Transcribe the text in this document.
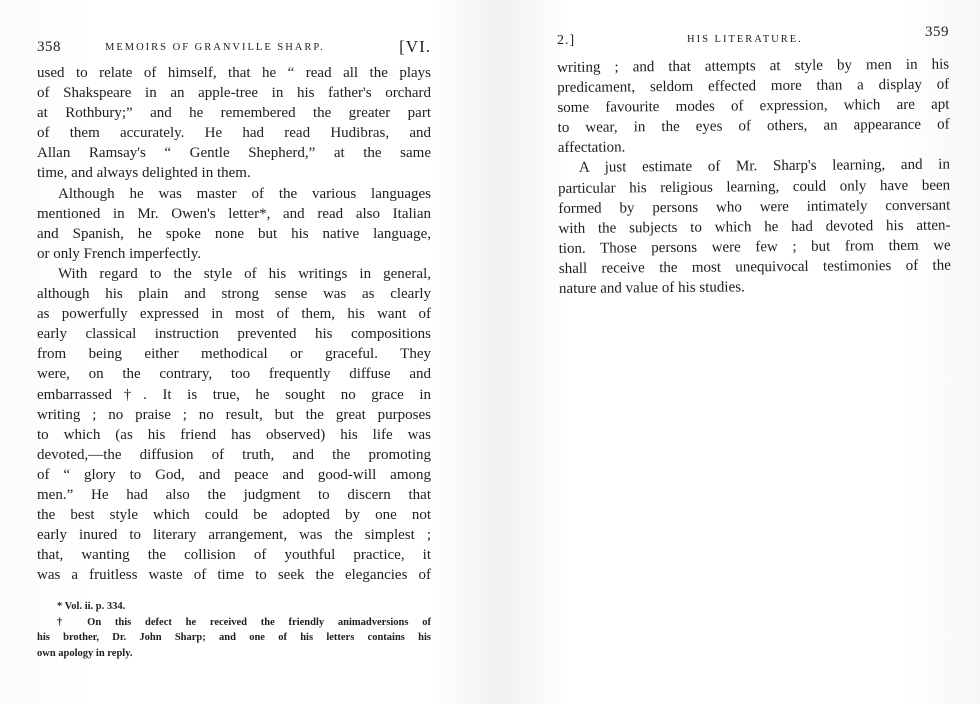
358	MEMOIRS OF GRANVILLE SHARP.	[VI.
used to relate of himself, that he “ read all the plays
of Shakspeare in an apple-tree in his father's orchard
at Rothbury;” and he remembered the greater part
of them accurately. He had read Hudibras, and
Allan Ramsay's “ Gentle Shepherd,” at the same
time, and always delighted in them.
Although he was master of the various languages
mentioned in Mr. Owen's letter*, and read also Italian
and Spanish, he spoke none but his native language,
or only French imperfectly.
With regard to the style of his writings in general,
although his plain and strong sense was as clearly
as powerfully expressed in most of them, his want of
early classical instruction prevented his compositions
from being either methodical or graceful. They
were, on the contrary, too frequently diffuse and
embarrassed†. It is true, he sought no grace in
writing ; no praise ; no result, but the great purposes
to which (as his friend has observed) his life was
devoted,—the diffusion of truth, and the promoting
of “ glory to God, and peace and good-will among
men.” He had also the judgment to discern that
the best style which could be adopted by one not
early inured to literary arrangement, was the simplest ;
that, wanting the collision of youthful practice, it
was a fruitless waste of time to seek the elegancies of
* Vol. ii. p. 334.
† On this defect he received the friendly animadversions of
his brother, Dr. John Sharp; and one of his letters contains his
own apology in reply.
2.]	HIS LITERATURE.	359
writing ; and that attempts at style by men in his
predicament, seldom effected more than a display of
some favourite modes of expression, which are apt
to wear, in the eyes of others, an appearance of
affectation.
A just estimate of Mr. Sharp's learning, and in
particular his religious learning, could only have been
formed by persons who were intimately conversant
with the subjects to which he had devoted his atten-
tion. Those persons were few ; but from them we
shall receive the most unequivocal testimonies of the
nature and value of his studies.
